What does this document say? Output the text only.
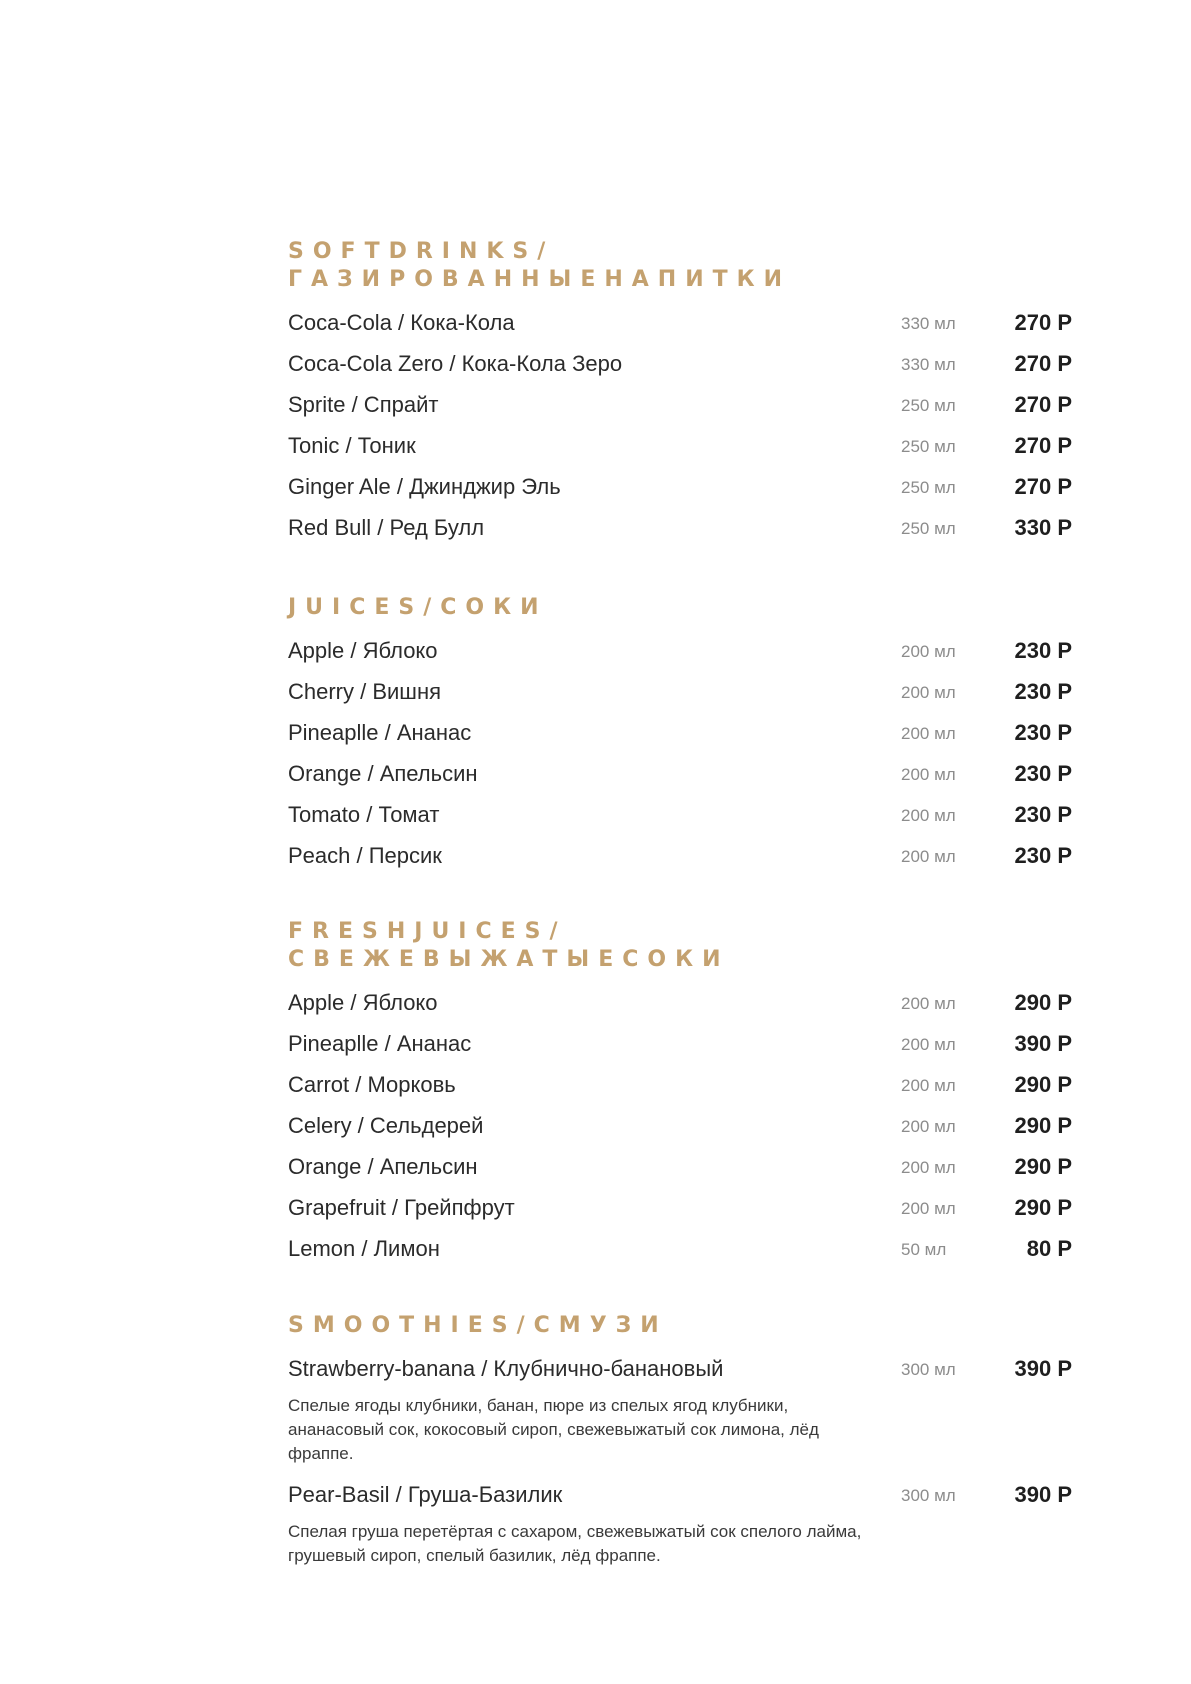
SOFTDRINKS/
ГАЗИРОВАННЫЕНАПИТКИ
Coca-Cola / Кока-Кола	330 мл	270 Р
Coca-Cola Zero / Кока-Кола Зеро	330 мл	270 Р
Sprite / Спрайт	250 мл	270 Р
Tonic / Тоник	250 мл	270 Р
Ginger Ale / Джинджир Эль	250 мл	270 Р
Red Bull / Ред Булл	250 мл	330 Р
JUICES/СОКИ
Apple / Яблоко	200 мл	230 Р
Cherry / Вишня	200 мл	230 Р
Pineaplle / Ананас	200 мл	230 Р
Orange / Апельсин	200 мл	230 Р
Tomato / Томат	200 мл	230 Р
Peach / Персик	200 мл	230 Р
FRESHJUICES/
СВЕЖЕВЫЖАТЫЕСОКИ
Apple / Яблоко	200 мл	290 Р
Pineaplle / Ананас	200 мл	390 Р
Carrot / Морковь	200 мл	290 Р
Celery / Сельдерей	200 мл	290 Р
Orange / Апельсин	200 мл	290 Р
Grapefruit / Грейпфрут	200 мл	290 Р
Lemon / Лимон	50 мл	80 Р
SMOOTHIES/СМУЗИ
Strawberry-banana / Клубнично-банановый	300 мл	390 Р
Спелые ягоды клубники, банан, пюре из спелых ягод клубники, ананасовый сок, кокосовый сироп, свежевыжатый сок лимона, лёд фраппе.
Pear-Basil / Груша-Базилик	300 мл	390 Р
Спелая груша перетёртая с сахаром, свежевыжатый сок спелого лайма, грушевый сироп, спелый базилик, лёд фраппе.
